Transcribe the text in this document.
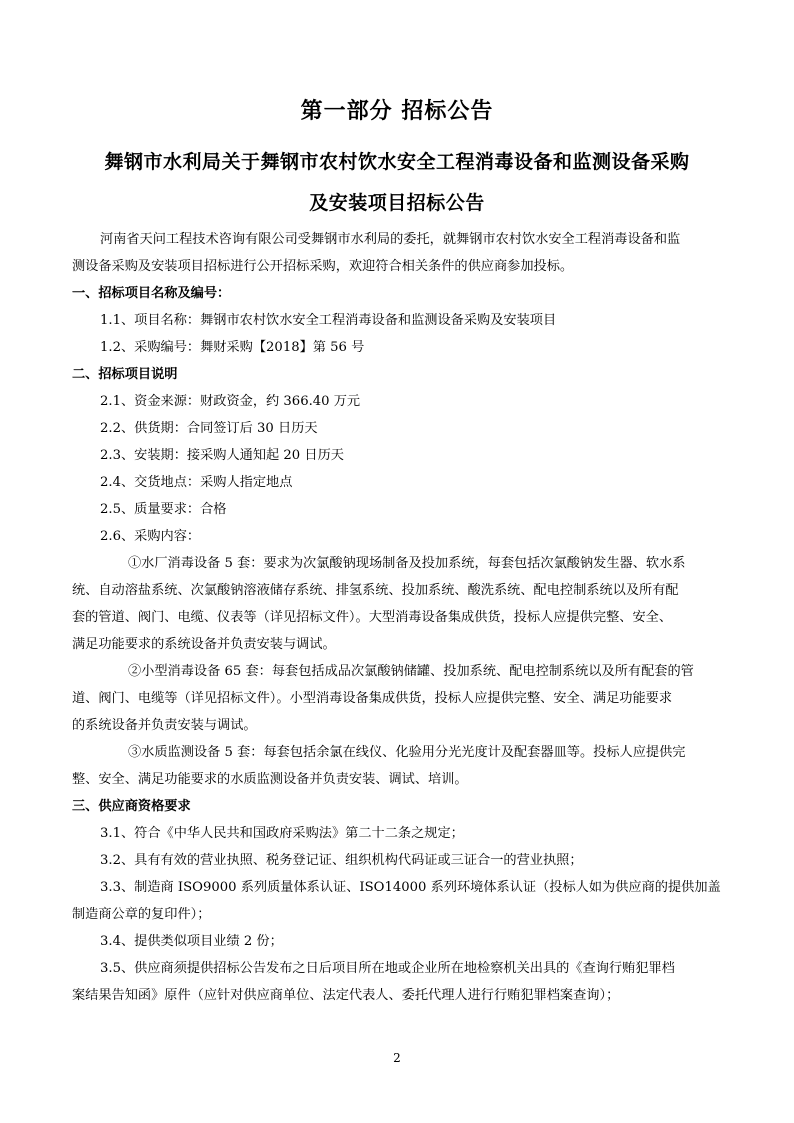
第一部分 招标公告
舞钢市水利局关于舞钢市农村饮水安全工程消毒设备和监测设备采购
及安装项目招标公告
河南省天问工程技术咨询有限公司受舞钢市水利局的委托，就舞钢市农村饮水安全工程消毒设备和监
测设备采购及安装项目招标进行公开招标采购，欢迎符合相关条件的供应商参加投标。
一、招标项目名称及编号：
1.1、项目名称：舞钢市农村饮水安全工程消毒设备和监测设备采购及安装项目
1.2、采购编号：舞财采购【2018】第 56 号
二、招标项目说明
2.1、资金来源：财政资金，约 366.40 万元
2.2、供货期：合同签订后 30 日历天
2.3、安装期：接采购人通知起 20 日历天
2.4、交货地点：采购人指定地点
2.5、质量要求：合格
2.6、采购内容：
①水厂消毒设备 5 套：要求为次氯酸钠现场制备及投加系统，每套包括次氯酸钠发生器、软水系
统、自动溶盐系统、次氯酸钠溶液储存系统、排氢系统、投加系统、酸洗系统、配电控制系统以及所有配
套的管道、阀门、电缆、仪表等（详见招标文件）。大型消毒设备集成供货，投标人应提供完整、安全、
满足功能要求的系统设备并负责安装与调试。
②小型消毒设备 65 套：每套包括成品次氯酸钠储罐、投加系统、配电控制系统以及所有配套的管
道、阀门、电缆等（详见招标文件）。小型消毒设备集成供货，投标人应提供完整、安全、满足功能要求
的系统设备并负责安装与调试。
③水质监测设备 5 套：每套包括余氯在线仪、化验用分光光度计及配套器皿等。投标人应提供完
整、安全、满足功能要求的水质监测设备并负责安装、调试、培训。
三、供应商资格要求
3.1、符合《中华人民共和国政府采购法》第二十二条之规定；
3.2、具有有效的营业执照、税务登记证、组织机构代码证或三证合一的营业执照；
3.3、制造商 ISO9000 系列质量体系认证、ISO14000 系列环境体系认证（投标人如为供应商的提供加盖
制造商公章的复印件）；
3.4、提供类似项目业绩 2 份；
3.5、供应商须提供招标公告发布之日后项目所在地或企业所在地检察机关出具的《查询行贿犯罪档
案结果告知函》原件（应针对供应商单位、法定代表人、委托代理人进行行贿犯罪档案查询）；
2
